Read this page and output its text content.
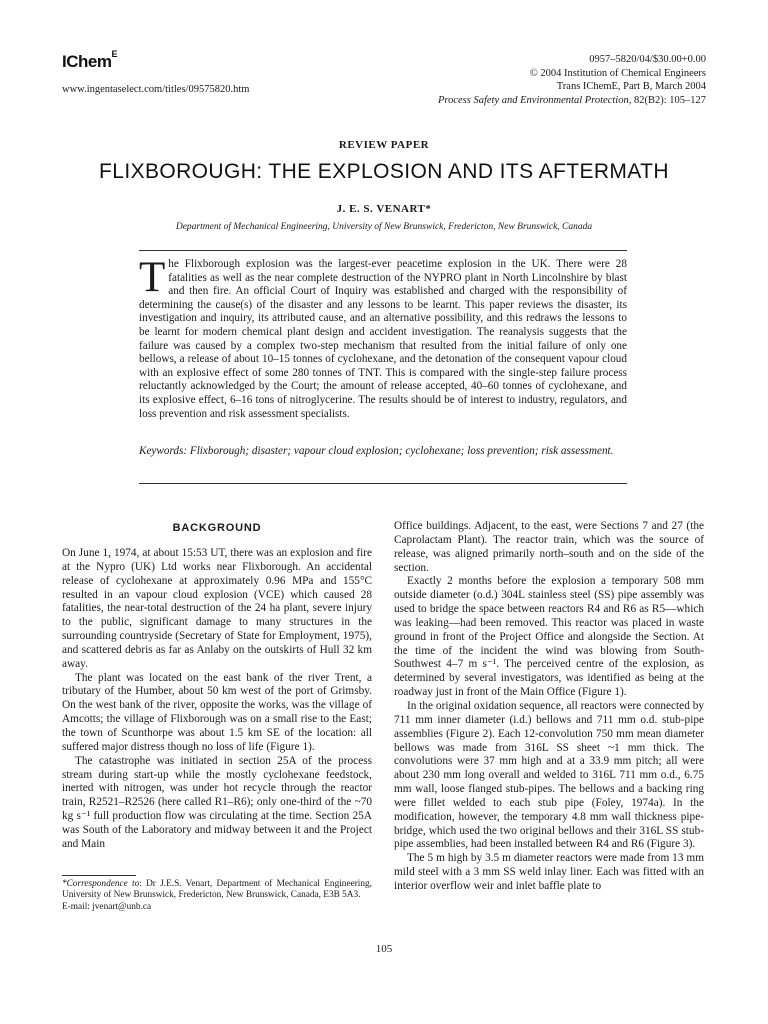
IChem$^E$
www.ingentaselect.com/titles/09575820.htm
0957–5820/04/$30.00+0.00
© 2004 Institution of Chemical Engineers
Trans IChemE, Part B, March 2004
Process Safety and Environmental Protection, 82(B2): 105–127
REVIEW PAPER
FLIXBOROUGH: THE EXPLOSION AND ITS AFTERMATH
J. E. S. VENART*
Department of Mechanical Engineering, University of New Brunswick, Fredericton, New Brunswick, Canada
The Flixborough explosion was the largest-ever peacetime explosion in the UK. There were 28 fatalities as well as the near complete destruction of the NYPRO plant in North Lincolnshire by blast and then fire. An official Court of Inquiry was established and charged with the responsibility of determining the cause(s) of the disaster and any lessons to be learnt. This paper reviews the disaster, its investigation and inquiry, its attributed cause, and an alternative possibility, and this redraws the lessons to be learnt for modern chemical plant design and accident investigation. The reanalysis suggests that the failure was caused by a complex two-step mechanism that resulted from the initial failure of only one bellows, a release of about 10–15 tonnes of cyclohexane, and the detonation of the consequent vapour cloud with an explosive effect of some 280 tonnes of TNT. This is compared with the single-step failure process reluctantly acknowledged by the Court; the amount of release accepted, 40–60 tonnes of cyclohexane, and its explosive effect, 6–16 tons of nitroglycerine. The results should be of interest to industry, regulators, and loss prevention and risk assessment specialists.
Keywords: Flixborough; disaster; vapour cloud explosion; cyclohexane; loss prevention; risk assessment.
BACKGROUND

On June 1, 1974, at about 15:53 UT, there was an explosion and fire at the Nypro (UK) Ltd works near Flixborough. An accidental release of cyclohexane at approximately 0.96 MPa and 155°C resulted in an vapour cloud explosion (VCE) which caused 28 fatalities, the near-total destruction of the 24 ha plant, severe injury to the public, significant damage to many structures in the surrounding countryside (Secretary of State for Employment, 1975), and scattered debris as far as Anlaby on the outskirts of Hull 32 km away.

The plant was located on the east bank of the river Trent, a tributary of the Humber, about 50 km west of the port of Grimsby. On the west bank of the river, opposite the works, was the village of Amcotts; the village of Flixborough was on a small rise to the East; the town of Scunthorpe was about 1.5 km SE of the location: all suffered major distress though no loss of life (Figure 1).

The catastrophe was initiated in section 25A of the process stream during start-up while the mostly cyclohexane feedstock, inerted with nitrogen, was under hot recycle through the reactor train, R2521–R2526 (here called R1–R6); only one-third of the ~70 kg s⁻¹ full production flow was circulating at the time. Section 25A was South of the Laboratory and midway between it and the Project and Main

Office buildings. Adjacent, to the east, were Sections 7 and 27 (the Caprolactam Plant). The reactor train, which was the source of release, was aligned primarily north–south and on the side of the section.

Exactly 2 months before the explosion a temporary 508 mm outside diameter (o.d.) 304L stainless steel (SS) pipe assembly was used to bridge the space between reactors R4 and R6 as R5—which was leaking—had been removed. This reactor was placed in waste ground in front of the Project Office and alongside the Section. At the time of the incident the wind was blowing from South-Southwest 4–7 m s⁻¹. The perceived centre of the explosion, as determined by several investigators, was identified as being at the roadway just in front of the Main Office (Figure 1).

In the original oxidation sequence, all reactors were connected by 711 mm inner diameter (i.d.) bellows and 711 mm o.d. stub-pipe assemblies (Figure 2). Each 12-convolution 750 mm mean diameter bellows was made from 316L SS sheet ~1 mm thick. The convolutions were 37 mm high and at a 33.9 mm pitch; all were about 230 mm long overall and welded to 316L 711 mm o.d., 6.75 mm wall, loose flanged stub-pipes. The bellows and a backing ring were fillet welded to each stub pipe (Foley, 1974a). In the modification, however, the temporary 4.8 mm wall thickness pipe-bridge, which used the two original bellows and their 316L SS stub-pipe assemblies, had been installed between R4 and R6 (Figure 3).

The 5 m high by 3.5 m diameter reactors were made from 13 mm mild steel with a 3 mm SS weld inlay liner. Each was fitted with an interior overflow weir and inlet baffle plate to

*Correspondence to: Dr J.E.S. Venart, Department of Mechanical Engineering, University of New Brunswick, Fredericton, New Brunswick, Canada, E3B 5A3.
E-mail: jvenart@unb.ca
105
